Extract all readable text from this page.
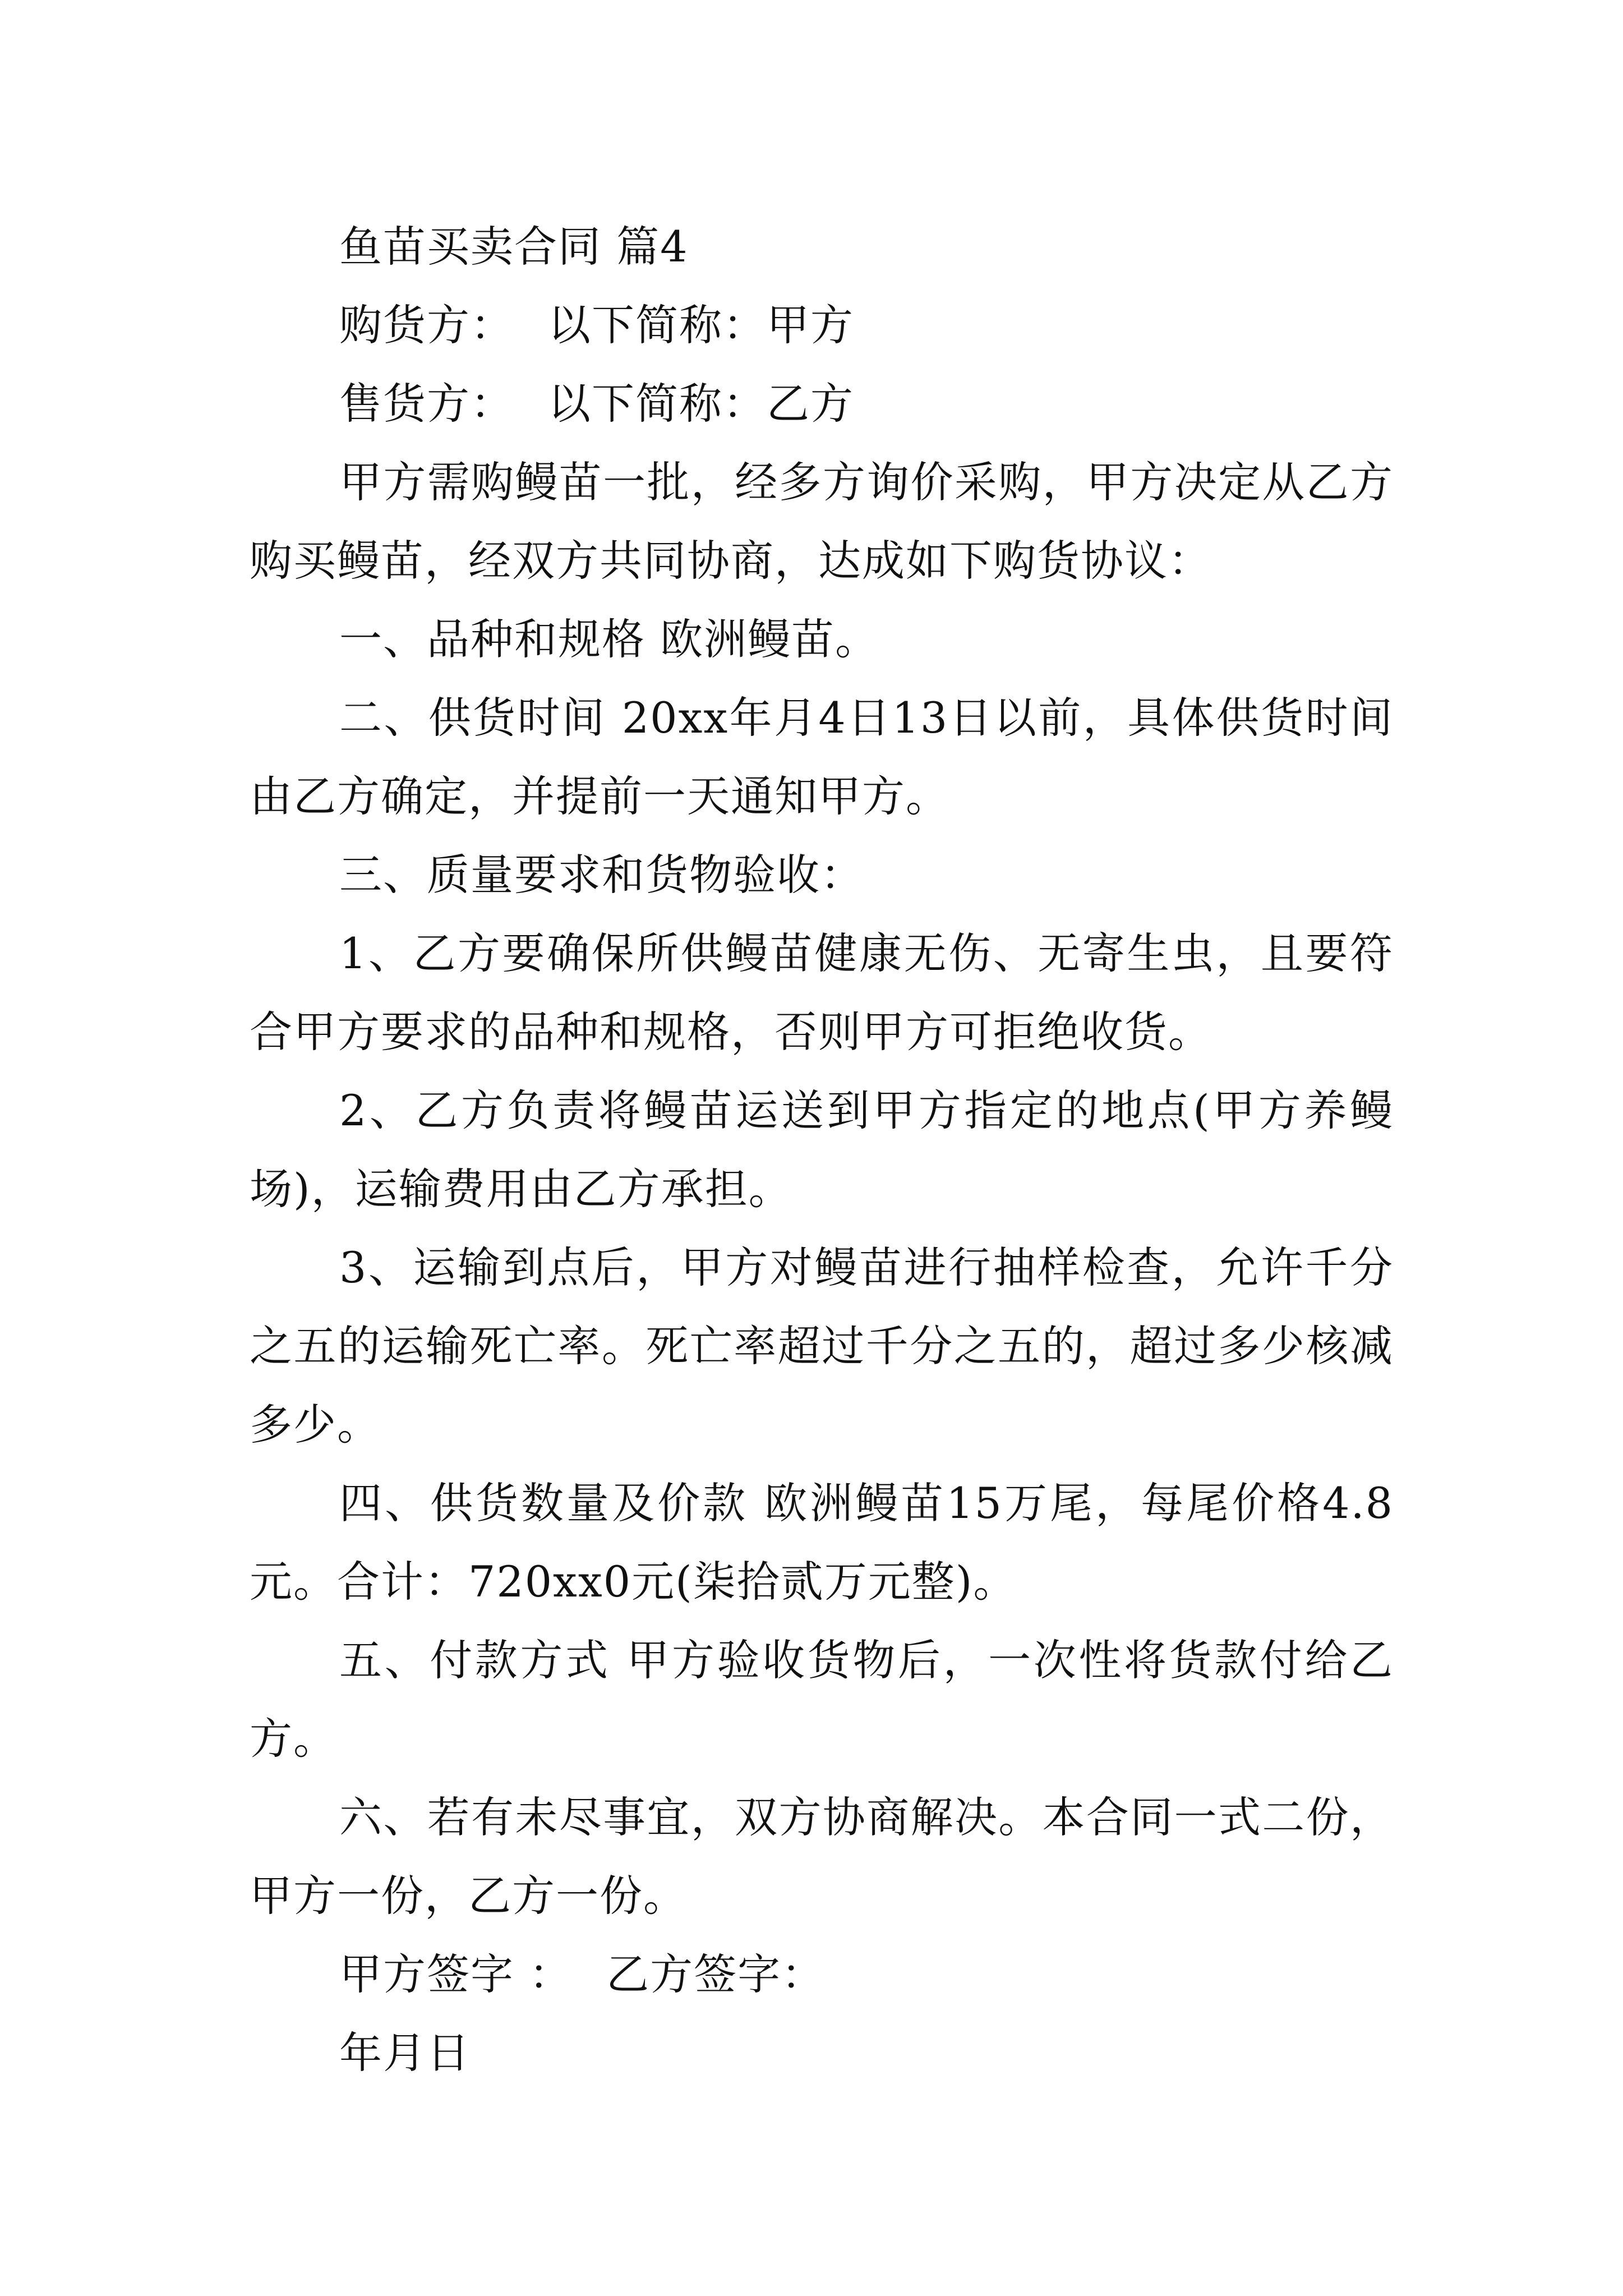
鱼苗买卖合同 篇4

购货方： 以下简称：甲方

售货方： 以下简称：乙方

甲方需购鳗苗一批，经多方询价采购，甲方决定从乙方购买鳗苗，经双方共同协商，达成如下购货协议：

一、品种和规格 欧洲鳗苗。

二、供货时间 20xx年月4日13日以前，具体供货时间由乙方确定，并提前一天通知甲方。

三、质量要求和货物验收：

1、乙方要确保所供鳗苗健康无伤、无寄生虫，且要符合甲方要求的品种和规格，否则甲方可拒绝收货。

2、乙方负责将鳗苗运送到甲方指定的地点(甲方养鳗场)，运输费用由乙方承担。

3、运输到点后，甲方对鳗苗进行抽样检查，允许千分之五的运输死亡率。死亡率超过千分之五的，超过多少核减多少。

四、供货数量及价款 欧洲鳗苗15万尾，每尾价格4.8元。合计：720xx0元(柒拾贰万元整)。

五、付款方式 甲方验收货物后，一次性将货款付给乙方。

六、若有未尽事宜，双方协商解决。本合同一式二份，甲方一份，乙方一份。

甲方签字 ： 乙方签字：

年月日
